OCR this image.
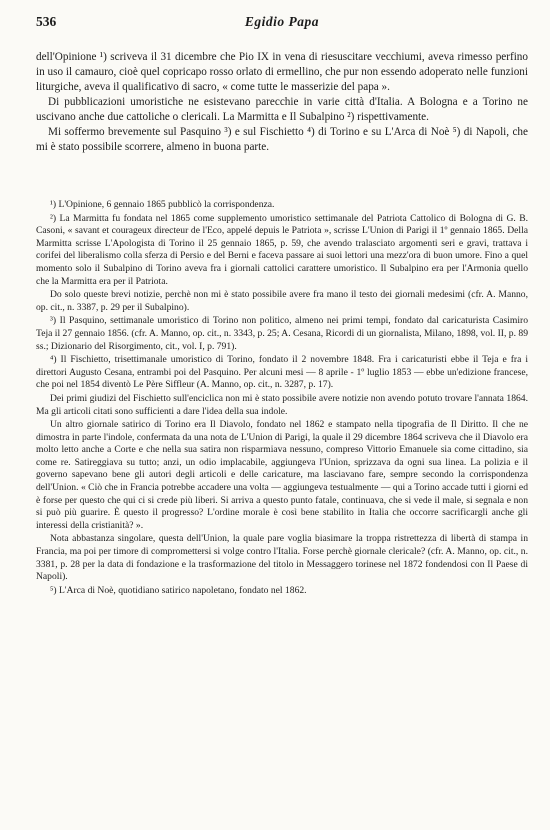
536	Egidio Papa

dell'Opinione ¹) scriveva il 31 dicembre che Pio IX in vena di riesuscitare vecchiumi, aveva rimesso perfino in uso il camauro, cioè quel copricapo rosso orlato di ermellino, che pur non essendo adoperato nelle funzioni liturgiche, aveva il qualificativo di sacro, « come tutte le masserizie del papa ».

Di pubblicazioni umoristiche ne esistevano parecchie in varie città d'Italia. A Bologna e a Torino ne uscivano anche due cattoliche o clericali. La Marmitta e Il Subalpino ²) rispettivamente.

Mi soffermo brevemente sul Pasquino ³) e sul Fischietto ⁴) di Torino e su L'Arca di Noè ⁵) di Napoli, che mi è stato possibile scorrere, almeno in buona parte.

¹) L'Opinione, 6 gennaio 1865 pubblicò la corrispondenza.

²) La Marmitta fu fondata nel 1865 come supplemento umoristico settimanale del Patriota Cattolico di Bologna di G. B. Casoni, « savant et courageux directeur de l'Eco, appelé depuis le Patriota », scrisse L'Union di Parigi il 1º gennaio 1865. Della Marmitta scrisse L'Apologista di Torino il 25 gennaio 1865, p. 59, che avendo tralasciato argomenti seri e gravi, trattava i corifei del liberalismo colla sferza di Persio e del Berni e faceva passare ai suoi lettori una mezz'ora di buon umore. Fino a quel momento solo il Subalpino di Torino aveva fra i giornali cattolici carattere umoristico. Il Subalpino era per l'Armonia quello che la Marmitta era per il Patriota.

Do solo queste brevi notizie, perchè non mi è stato possibile avere fra mano il testo dei giornali medesimi (cfr. A. Manno, op. cit., n. 3387, p. 29 per il Subalpino).

³) Il Pasquino, settimanale umoristico di Torino non politico, almeno nei primi tempi, fondato dal caricaturista Casimiro Teja il 27 gennaio 1856. (cfr. A. Manno, op. cit., n. 3343, p. 25; A. Cesana, Ricordi di un giornalista, Milano, 1898, vol. II, p. 89 ss.; Dizionario del Risorgimento, cit., vol. I, p. 791).

⁴) Il Fischietto, trisettimanale umoristico di Torino, fondato il 2 novembre 1848. Fra i caricaturisti ebbe il Teja e fra i direttori Augusto Cesana, entrambi poi del Pasquino. Per alcuni mesi — 8 aprile - 1º luglio 1853 — ebbe un'edizione francese, che poi nel 1854 diventò Le Père Siffleur (A. Manno, op. cit., n. 3287, p. 17).

Dei primi giudizi del Fischietto sull'enciclica non mi è stato possibile avere notizie non avendo potuto trovare l'annata 1864. Ma gli articoli citati sono sufficienti a dare l'idea della sua indole.

Un altro giornale satirico di Torino era Il Diavolo, fondato nel 1862 e stampato nella tipografia de Il Diritto. Il che ne dimostra in parte l'indole, confermata da una nota de L'Union di Parigi, la quale il 29 dicembre 1864 scriveva che il Diavolo era molto letto anche a Corte e che nella sua satira non risparmiava nessuno, compreso Vittorio Emanuele sia come cittadino, sia come re. Satireggiava su tutto; anzi, un odio implacabile, aggiungeva l'Union, sprizzava da ogni sua linea. La polizia e il governo sapevano bene gli autori degli articoli e delle caricature, ma lasciavano fare, sempre secondo la corrispondenza dell'Union. « Ciò che in Francia potrebbe accadere una volta — aggiungeva testualmente — qui a Torino accade tutti i giorni ed è forse per questo che qui ci si crede più liberi. Si arriva a questo punto fatale, continuava, che si vede il male, si segnala e non si può più guarire. È questo il progresso? L'ordine morale è così bene stabilito in Italia che occorre sacrificargli anche gli interessi della cristianità? ».

Nota abbastanza singolare, questa dell'Union, la quale pare voglia biasimare la troppa ristrettezza di libertà di stampa in Francia, ma poi per timore di compromettersi si volge contro l'Italia. Forse perchè giornale clericale? (cfr. A. Manno, op. cit., n. 3381, p. 28 per la data di fondazione e la trasformazione del titolo in Messaggero torinese nel 1872 fondendosi con Il Paese di Napoli).

⁵) L'Arca di Noè, quotidiano satirico napoletano, fondato nel 1862.
